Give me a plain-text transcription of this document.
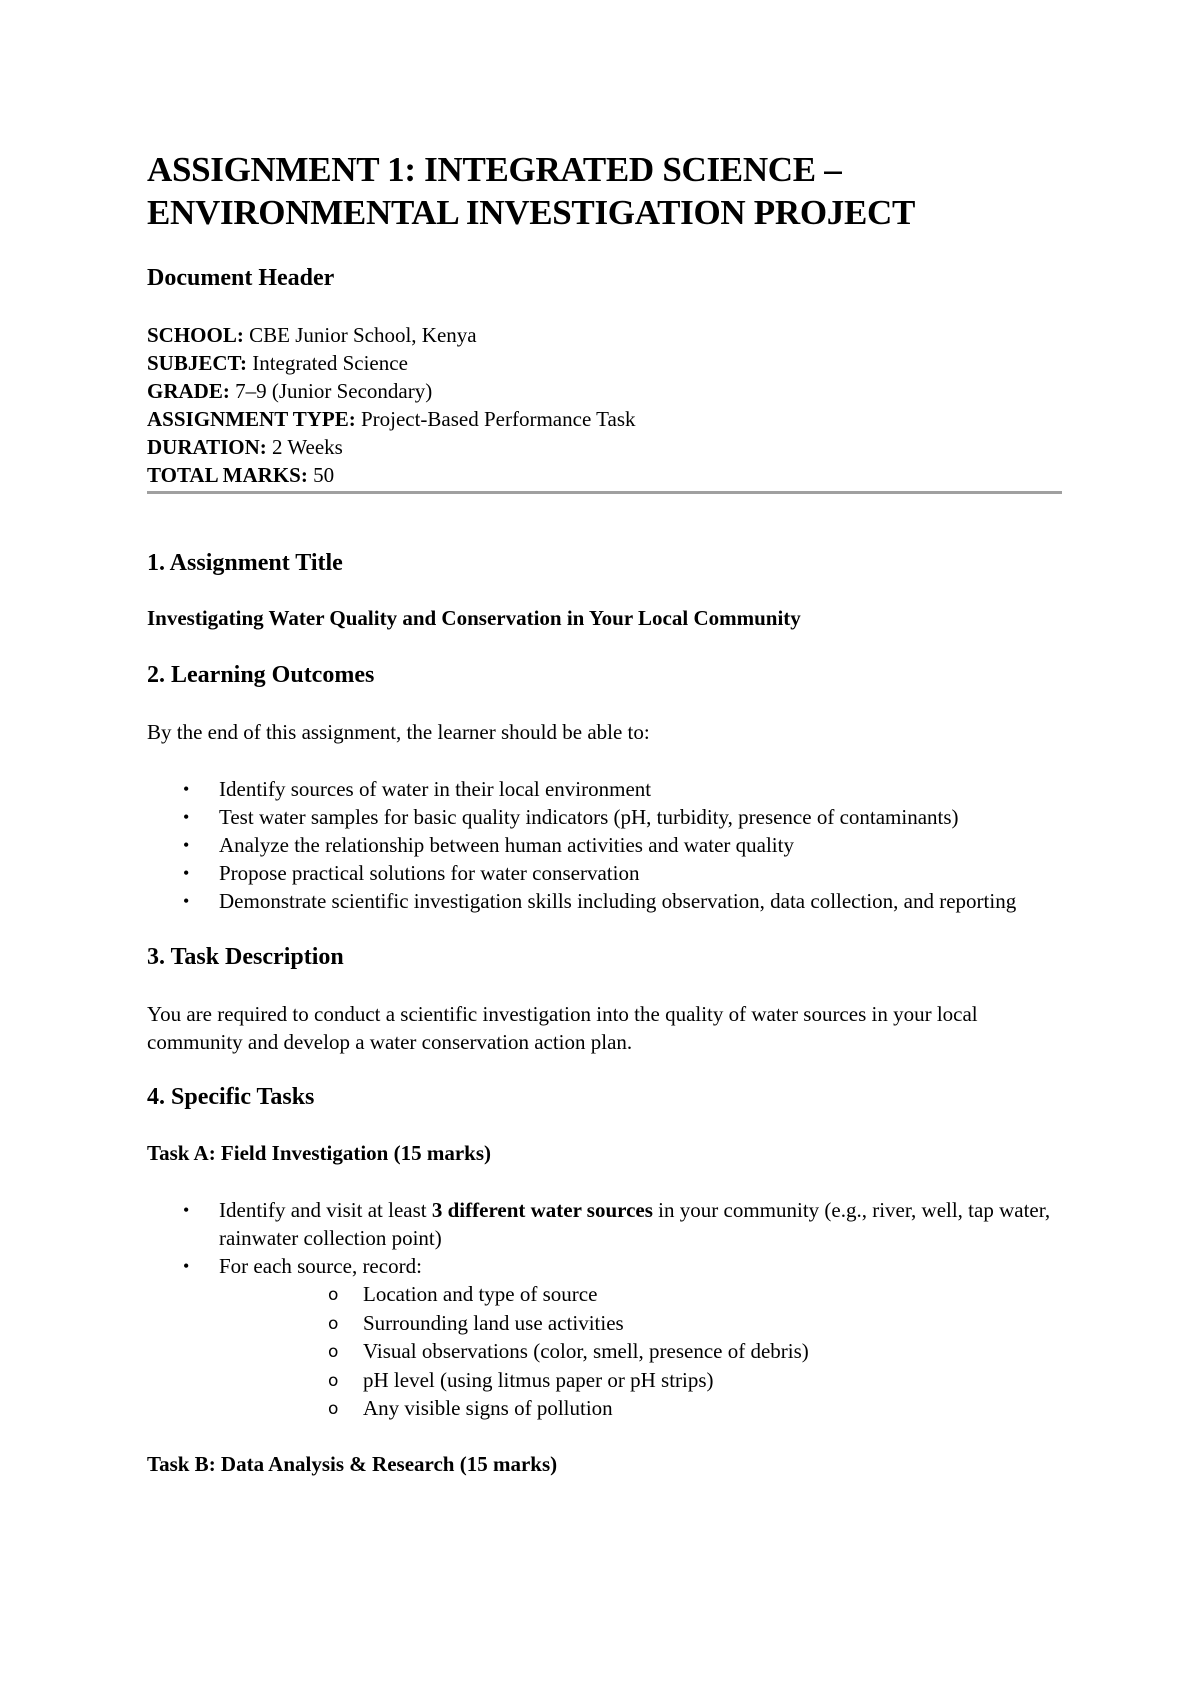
ASSIGNMENT 1: INTEGRATED SCIENCE –
ENVIRONMENTAL INVESTIGATION PROJECT
Document Header
SCHOOL: CBE Junior School, Kenya
SUBJECT: Integrated Science
GRADE: 7–9 (Junior Secondary)
ASSIGNMENT TYPE: Project-Based Performance Task
DURATION: 2 Weeks
TOTAL MARKS: 50
1. Assignment Title
Investigating Water Quality and Conservation in Your Local Community
2. Learning Outcomes
By the end of this assignment, the learner should be able to:
• Identify sources of water in their local environment
• Test water samples for basic quality indicators (pH, turbidity, presence of contaminants)
• Analyze the relationship between human activities and water quality
• Propose practical solutions for water conservation
• Demonstrate scientific investigation skills including observation, data collection, and reporting
3. Task Description
You are required to conduct a scientific investigation into the quality of water sources in your local community and develop a water conservation action plan.
4. Specific Tasks
Task A: Field Investigation (15 marks)
• Identify and visit at least 3 different water sources in your community (e.g., river, well, tap water, rainwater collection point)
• For each source, record:
o Location and type of source
o Surrounding land use activities
o Visual observations (color, smell, presence of debris)
o pH level (using litmus paper or pH strips)
o Any visible signs of pollution
Task B: Data Analysis & Research (15 marks)
